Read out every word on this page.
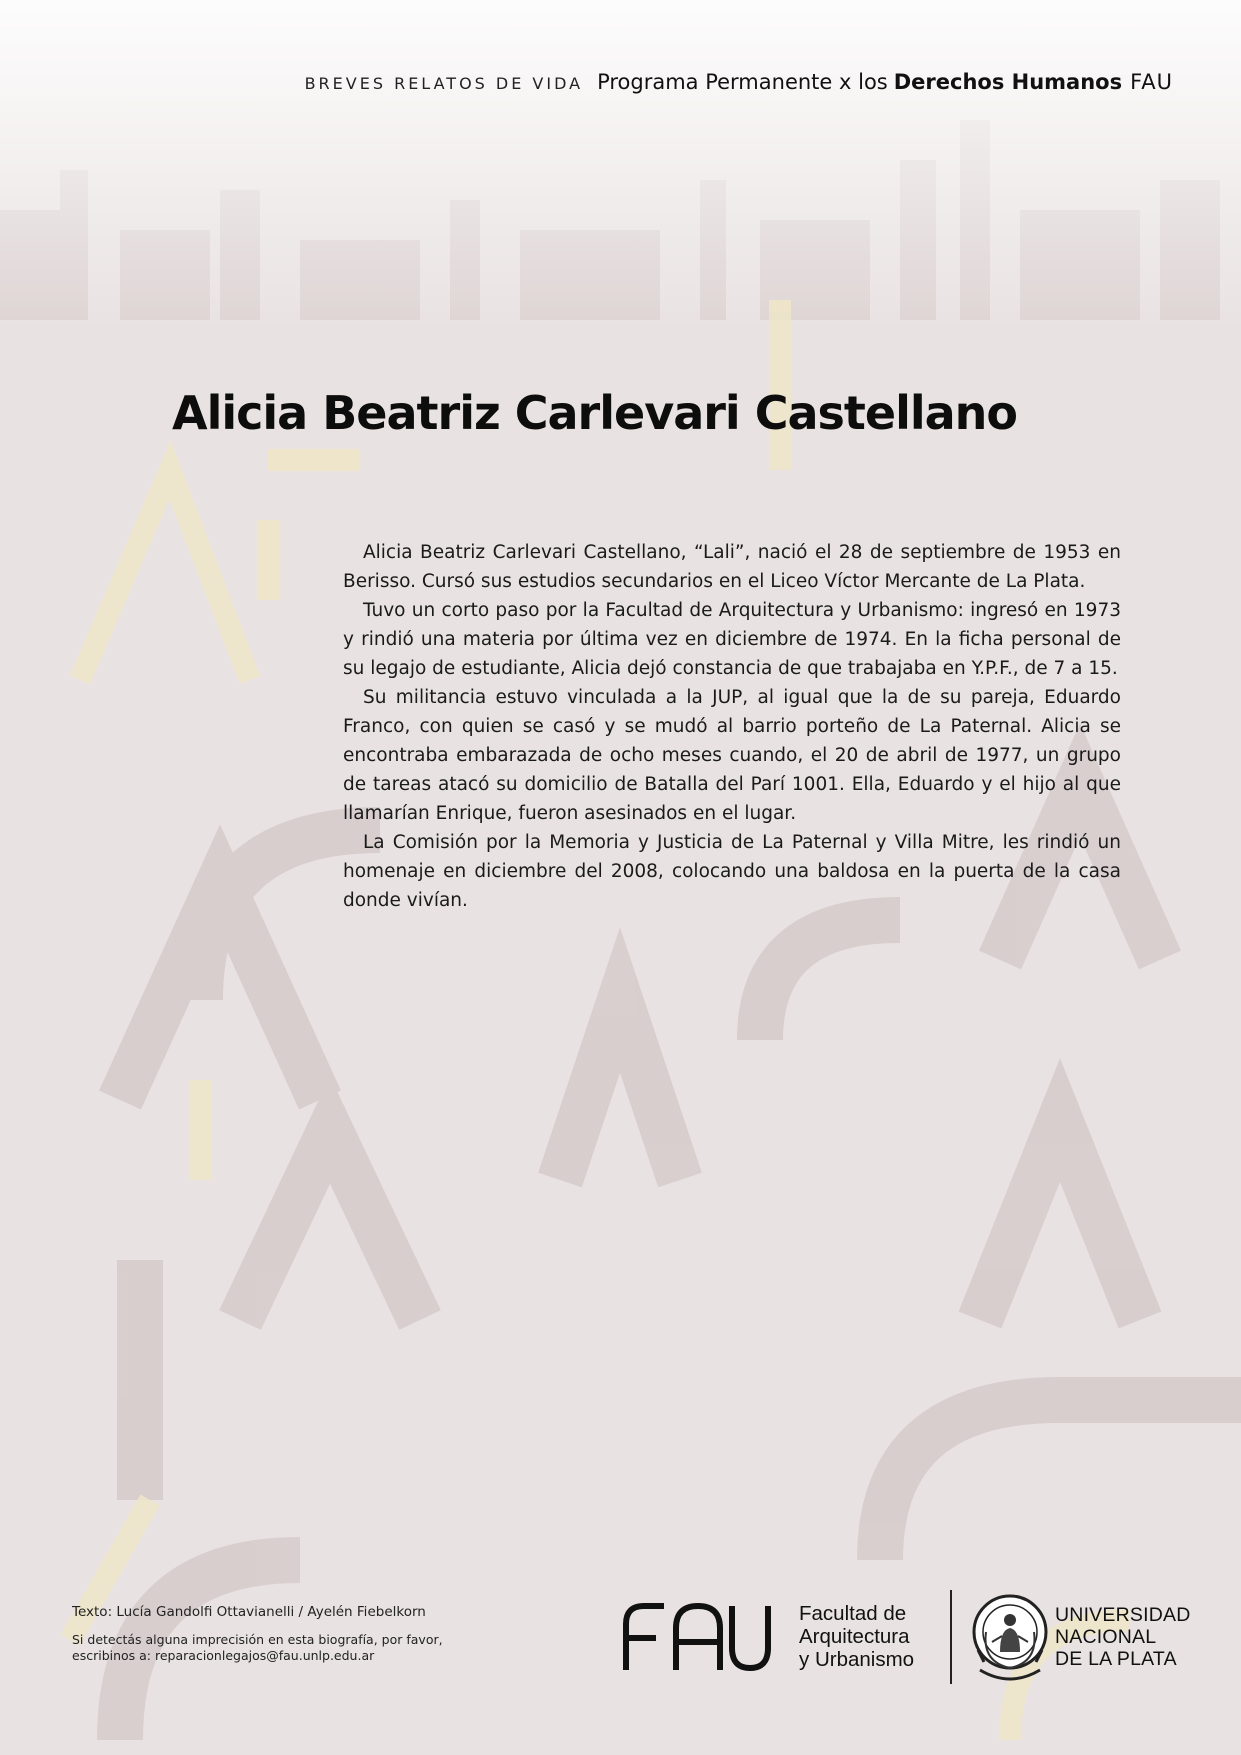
BREVES RELATOS DE VIDA Programa Permanente x los Derechos Humanos FAU
Alicia Beatriz Carlevari Castellano

Alicia Beatriz Carlevari Castellano, “Lali”, nació el 28 de septiembre de 1953 en Berisso. Cursó sus estudios secundarios en el Liceo Víctor Mercante de La Plata.

Tuvo un corto paso por la Facultad de Arquitectura y Urbanismo: ingresó en 1973 y rindió una materia por última vez en diciembre de 1974. En la ficha personal de su legajo de estudiante, Alicia dejó constancia de que trabajaba en Y.P.F., de 7 a 15.

Su militancia estuvo vinculada a la JUP, al igual que la de su pareja, Eduardo Franco, con quien se casó y se mudó al barrio porteño de La Paternal. Alicia se encontraba embarazada de ocho meses cuando, el 20 de abril de 1977, un grupo de tareas atacó su domicilio de Batalla del Parí 1001. Ella, Eduardo y el hijo al que llamarían Enrique, fueron asesinados en el lugar.

La Comisión por la Memoria y Justicia de La Paternal y Villa Mitre, les rindió un homenaje en diciembre del 2008, colocando una baldosa en la puerta de la casa donde vivían.

Texto: Lucía Gandolfi Ottavianelli / Ayelén Fiebelkorn
Si detectás alguna imprecisión en esta biografía, por favor,
escribinos a: reparacionlegajos@fau.unlp.edu.ar
Facultad de
Arquitectura
y Urbanismo
UNIVERSIDAD
NACIONAL
DE LA PLATA
